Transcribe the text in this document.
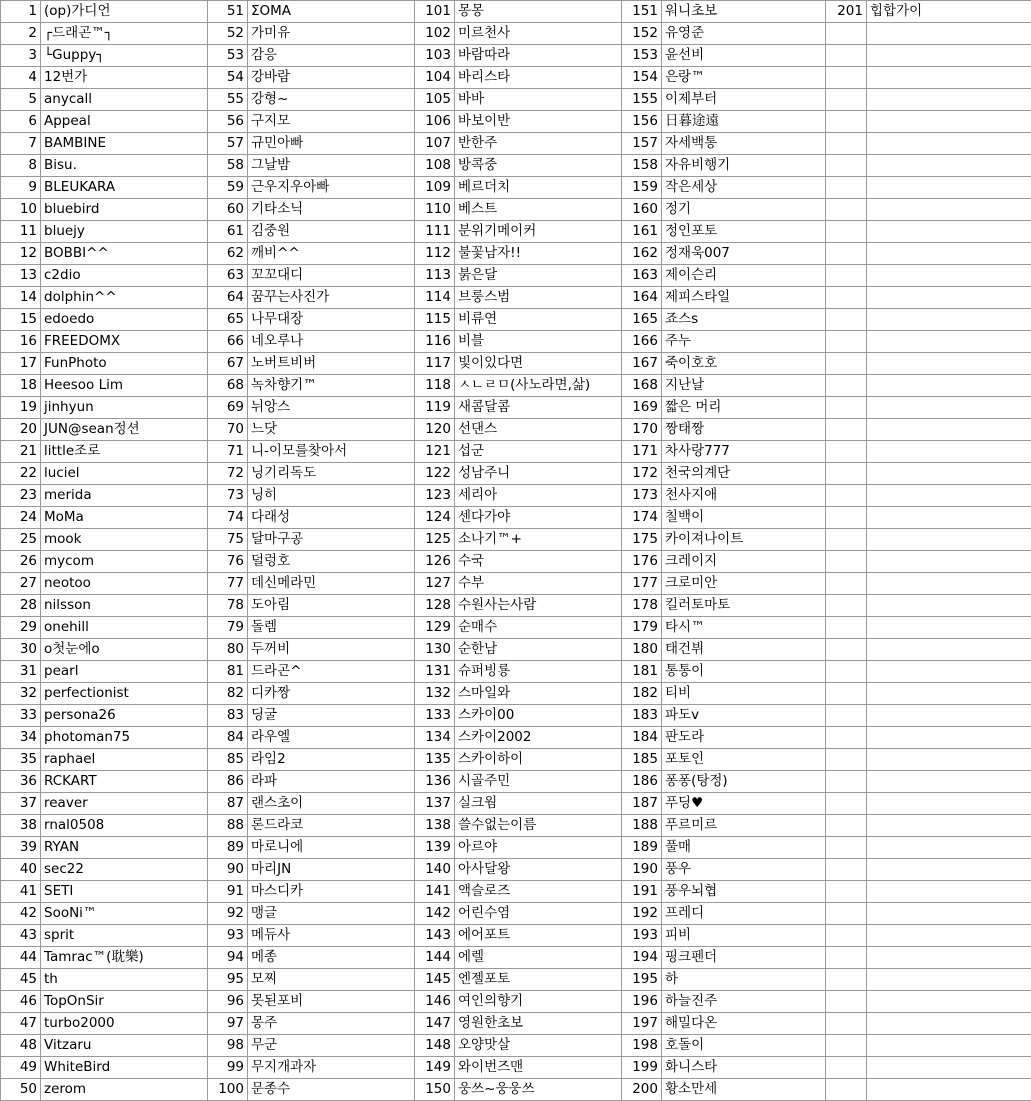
1	(op)가디언	51	ΣOMA	101	몽몽	151	워니초보	201	힙합가이
2	┌드래곤™┐	52	가미유	102	미르천사	152	유영준		
3	└Guppy┐	53	감응	103	바람따라	153	윤선비		
4	12번가	54	강바람	104	바리스타	154	은랑™		
5	anycall	55	강형~	105	바바	155	이제부터		
6	Appeal	56	구지모	106	바보이반	156	日暮途遠		
7	BAMBINE	57	규민아빠	107	반한주	157	자세백통		
8	Bisu.	58	그날밤	108	방콕중	158	자유비행기		
9	BLEUKARA	59	근우지우아빠	109	베르더치	159	작은세상		
10	bluebird	60	기타소닉	110	베스트	160	정기		
11	bluejy	61	김중원	111	분위기메이커	161	정인포토		
12	BOBBI^^	62	깨비^^	112	불꽃남자!!	162	정재욱007		
13	c2dio	63	꼬꼬대디	113	붉은달	163	제이슨리		
14	dolphin^^	64	꿈꾸는사진가	114	브룽스범	164	제피스타일		
15	edoedo	65	나무대장	115	비류연	165	죠스s		
16	FREEDOMX	66	네오루나	116	비블	166	주누		
17	FunPhoto	67	노버트비버	117	빛이있다면	167	죽이호호		
18	Heesoo Lim	68	녹차향기™	118	ㅅㄴㄹㅁ(사노라면,삶)	168	지난날		
19	jinhyun	69	뉘앙스	119	새콤달콤	169	짧은 머리		
20	JUN@sean정션	70	느닷	120	선댄스	170	짱태짱		
21	little조로	71	니-이모를찾아서	121	섭군	171	차사랑777		
22	luciel	72	닝기리독도	122	성남주니	172	천국의계단		
23	merida	73	닝히	123	세리아	173	천사지애		
24	MoMa	74	다래성	124	센다가야	174	칠백이		
25	mook	75	달마구공	125	소나기™+	175	카이져나이트		
26	mycom	76	덜렁호	126	수국	176	크레이지		
27	neotoo	77	데신메라민	127	수부	177	크로미안		
28	nilsson	78	도아림	128	수원사는사람	178	킬러토마토		
29	onehill	79	돌렘	129	순매수	179	타시™		
30	o첫눈에o	80	두꺼비	130	순한남	180	태건뷔		
31	pearl	81	드라곤^	131	슈퍼빙룡	181	통통이		
32	perfectionist	82	디카짱	132	스마일와	182	티비		
33	persona26	83	딩굴	133	스카이00	183	파도v		
34	photoman75	84	라우엘	134	스카이2002	184	판도라		
35	raphael	85	라임2	135	스카이하이	185	포토인		
36	RCKART	86	라파	136	시골주민	186	퐁퐁(탕정)		
37	reaver	87	랜스초이	137	실크웜	187	푸딩♥		
38	rnal0508	88	론드라코	138	쓸수없는이름	188	푸르미르		
39	RYAN	89	마로니에	139	아르야	189	풀매		
40	sec22	90	마리JN	140	아사달왕	190	풍우		
41	SETI	91	마스디카	141	액슬로즈	191	풍우뇌협		
42	SooNi™	92	맹글	142	어린수염	192	프레디		
43	sprit	93	메듀사	143	에어포트	193	피비		
44	Tamrac™(耽樂)	94	메종	144	에렐	194	핑크펜더		
45	th	95	모찌	145	엔젤포토	195	하		
46	TopOnSir	96	못된포비	146	여인의향기	196	하늘진주		
47	turbo2000	97	몽주	147	영원한초보	197	해밀다온		
48	Vitzaru	98	무군	148	오양맛살	198	호돌이		
49	WhiteBird	99	무지개과자	149	와이번즈맨	199	화니스타		
50	zerom	100	문종수	150	웅쓰~웅웅쓰	200	황소만세		
